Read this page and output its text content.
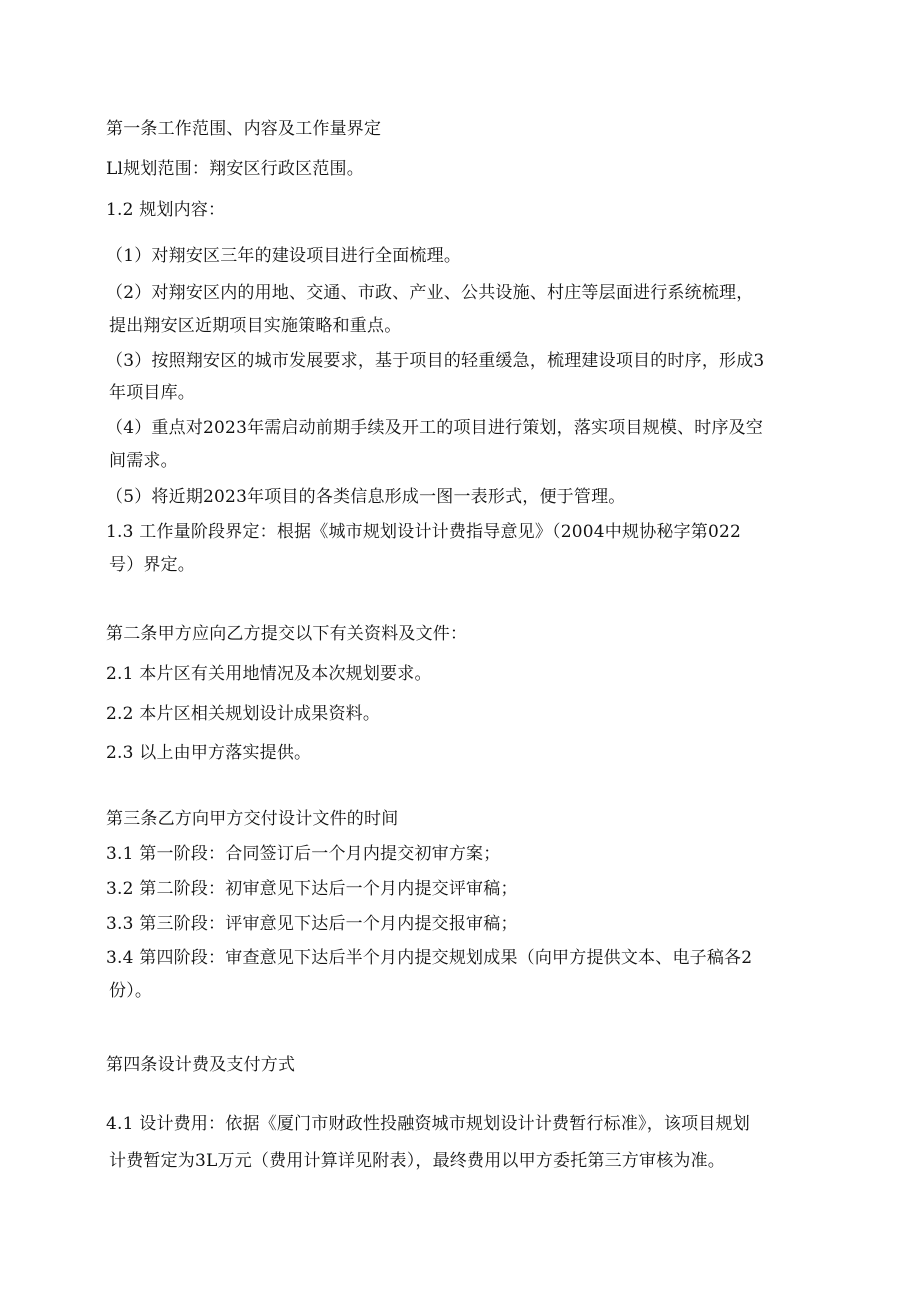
第一条工作范围、内容及工作量界定
Ll规划范围：翔安区行政区范围。
1.2 规划内容：
（1）对翔安区三年的建设项目进行全面梳理。
（2）对翔安区内的用地、交通、市政、产业、公共设施、村庄等层面进行系统梳理，
提出翔安区近期项目实施策略和重点。
（3）按照翔安区的城市发展要求，基于项目的轻重缓急，梳理建设项目的时序，形成3
年项目库。
（4）重点对2023年需启动前期手续及开工的项目进行策划，落实项目规模、时序及空
间需求。
（5）将近期2023年项目的各类信息形成一图一表形式，便于管理。
1.3 工作量阶段界定：根据《城市规划设计计费指导意见》（2004中规协秘字第022
号）界定。
第二条甲方应向乙方提交以下有关资料及文件：
2.1 本片区有关用地情况及本次规划要求。
2.2 本片区相关规划设计成果资料。
2.3 以上由甲方落实提供。
第三条乙方向甲方交付设计文件的时间
3.1 第一阶段：合同签订后一个月内提交初审方案；
3.2 第二阶段：初审意见下达后一个月内提交评审稿；
3.3 第三阶段：评审意见下达后一个月内提交报审稿；
3.4 第四阶段：审查意见下达后半个月内提交规划成果（向甲方提供文本、电子稿各2
份）。
第四条设计费及支付方式
4.1 设计费用：依据《厦门市财政性投融资城市规划设计计费暂行标准》，该项目规划
计费暂定为3L万元（费用计算详见附表），最终费用以甲方委托第三方审核为准。
